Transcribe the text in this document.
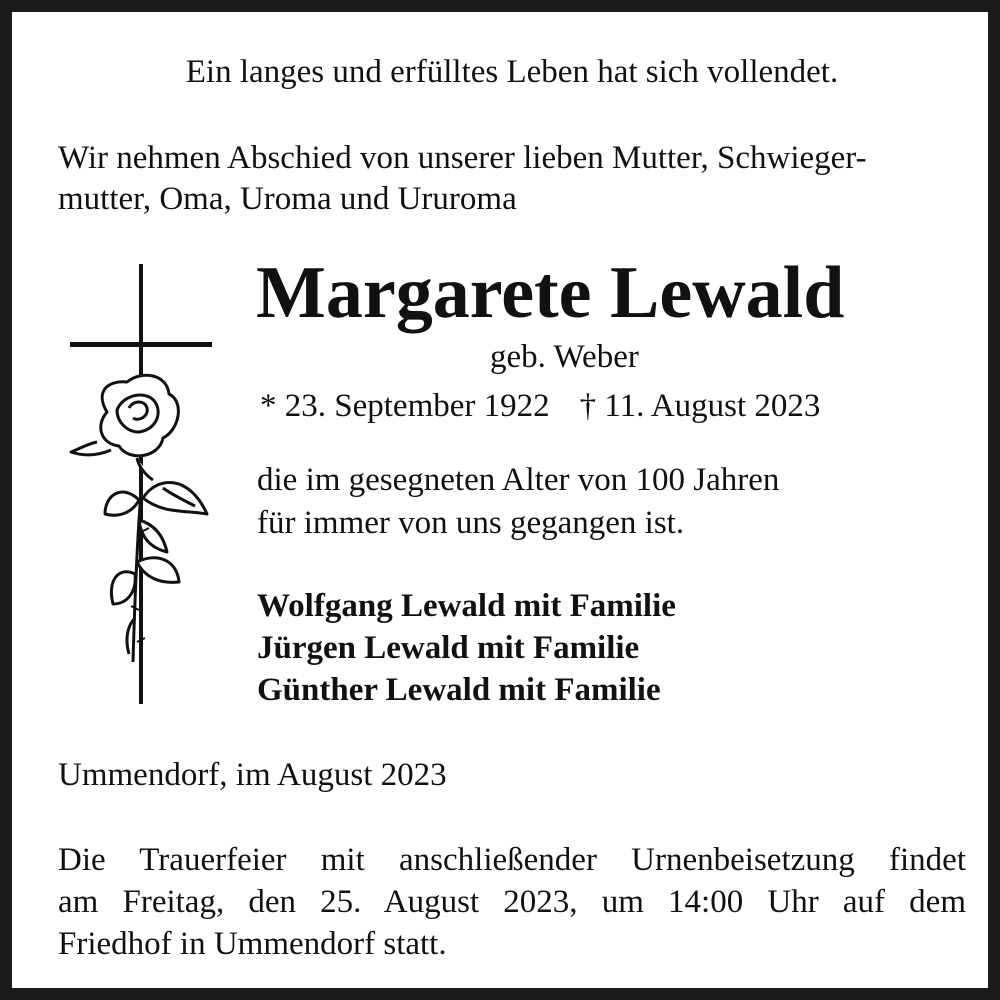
Ein langes und erfülltes Leben hat sich vollendet.

Wir nehmen Abschied von unserer lieben Mutter, Schwieger-

mutter, Oma, Uroma und Ururoma

Margarete Lewald

geb. Weber

* 23. September 1922 † 11. August 2023

die im gesegneten Alter von 100 Jahren

für immer von uns gegangen ist.

Wolfgang Lewald mit Familie

Jürgen Lewald mit Familie

Günther Lewald mit Familie

Ummendorf, im August 2023

Die Trauerfeier mit anschließender Urnenbeisetzung findet

am Freitag, den 25. August 2023, um 14:00 Uhr auf dem

Friedhof in Ummendorf statt.
